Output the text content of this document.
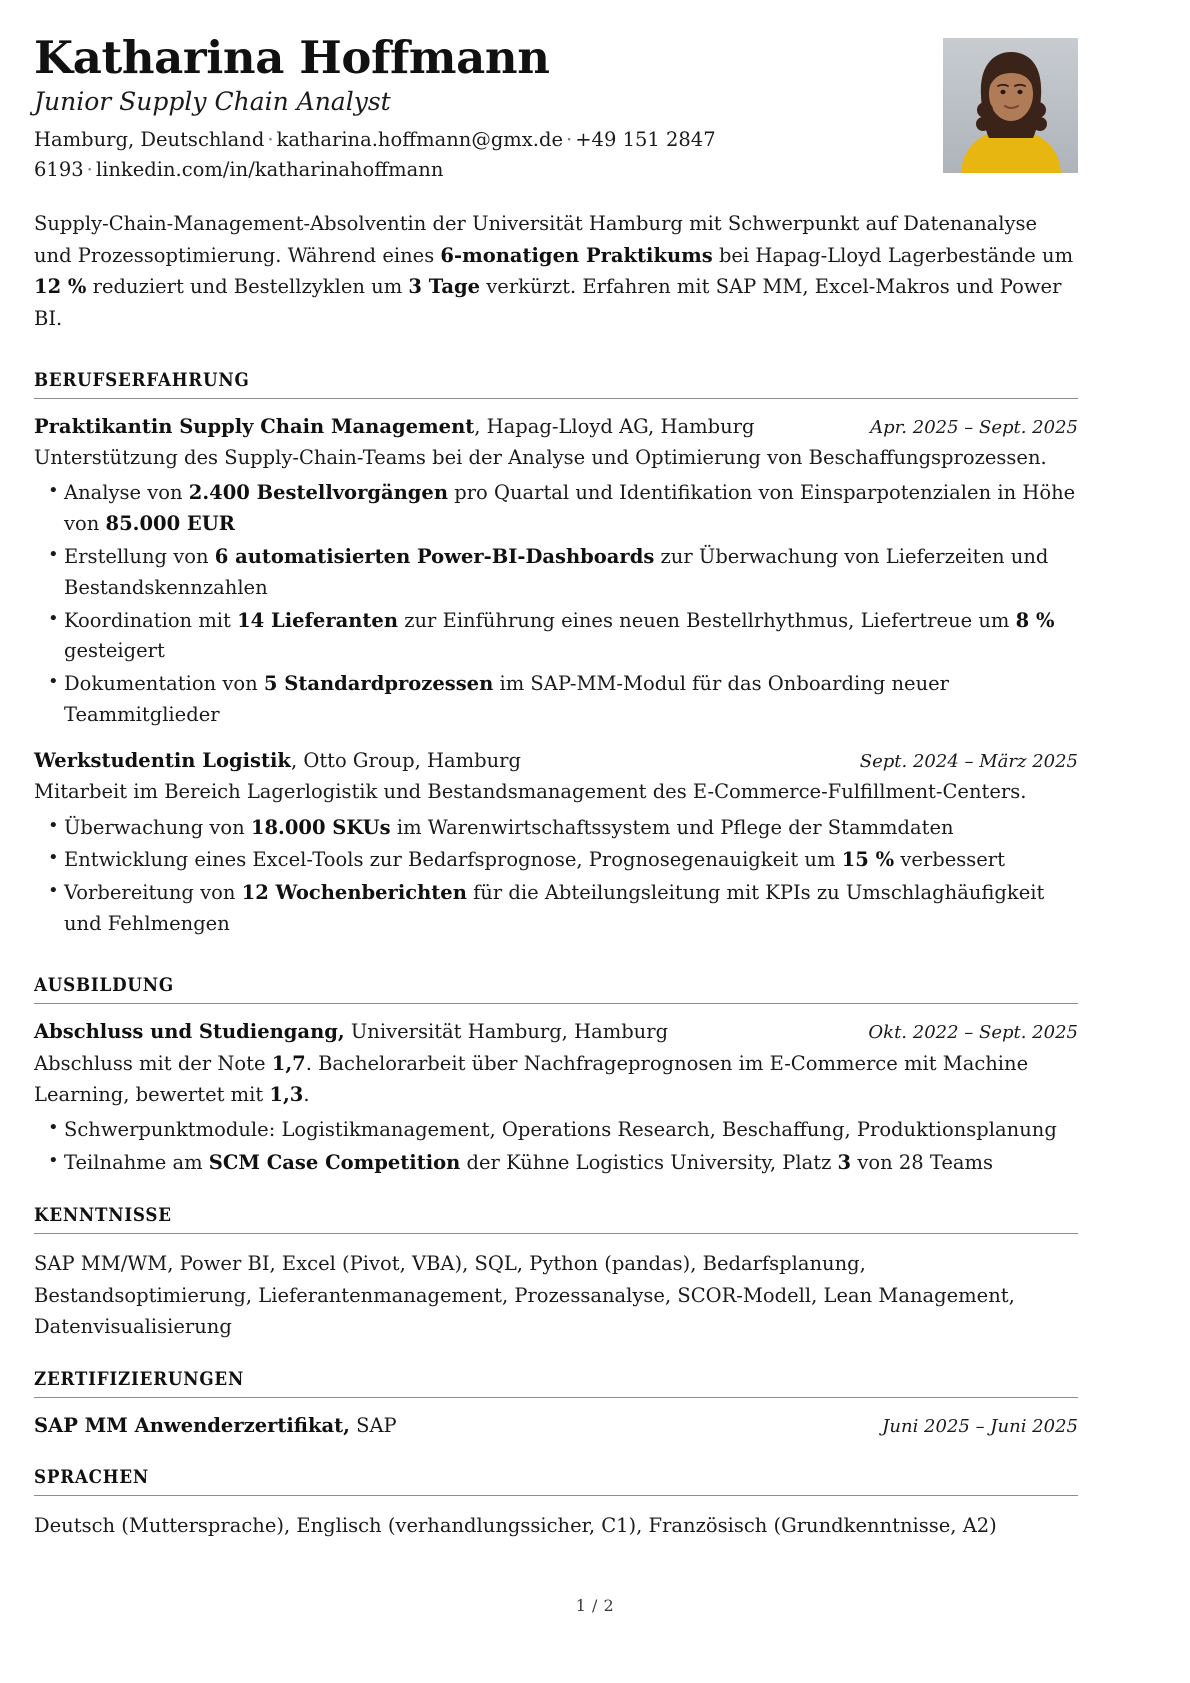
Katharina Hoffmann
Junior Supply Chain Analyst
Hamburg, Deutschland · katharina.hoffmann@gmx.de · +49 151 2847 6193 · linkedin.com/in/katharinahoffmann

Supply-Chain-Management-Absolventin der Universität Hamburg mit Schwerpunkt auf Datenanalyse und Prozessoptimierung. Während eines 6-monatigen Praktikums bei Hapag-Lloyd Lagerbestände um 12 % reduziert und Bestellzyklen um 3 Tage verkürzt. Erfahren mit SAP MM, Excel-Makros und Power BI.

BERUFSERFAHRUNG
Praktikantin Supply Chain Management, Hapag-Lloyd AG, Hamburg	Apr. 2025 – Sept. 2025
Unterstützung des Supply-Chain-Teams bei der Analyse und Optimierung von Beschaffungsprozessen.
• Analyse von 2.400 Bestellvorgängen pro Quartal und Identifikation von Einsparpotenzialen in Höhe von 85.000 EUR
• Erstellung von 6 automatisierten Power-BI-Dashboards zur Überwachung von Lieferzeiten und Bestandskennzahlen
• Koordination mit 14 Lieferanten zur Einführung eines neuen Bestellrhythmus, Liefertreue um 8 % gesteigert
• Dokumentation von 5 Standardprozessen im SAP-MM-Modul für das Onboarding neuer Teammitglieder
Werkstudentin Logistik, Otto Group, Hamburg	Sept. 2024 – März 2025
Mitarbeit im Bereich Lagerlogistik und Bestandsmanagement des E-Commerce-Fulfillment-Centers.
• Überwachung von 18.000 SKUs im Warenwirtschaftssystem und Pflege der Stammdaten
• Entwicklung eines Excel-Tools zur Bedarfsprognose, Prognosegenauigkeit um 15 % verbessert
• Vorbereitung von 12 Wochenberichten für die Abteilungsleitung mit KPIs zu Umschlaghäufigkeit und Fehlmengen
AUSBILDUNG
Abschluss und Studiengang, Universität Hamburg, Hamburg	Okt. 2022 – Sept. 2025
Abschluss mit der Note 1,7. Bachelorarbeit über Nachfrageprognosen im E-Commerce mit Machine Learning, bewertet mit 1,3.
• Schwerpunktmodule: Logistikmanagement, Operations Research, Beschaffung, Produktionsplanung
• Teilnahme am SCM Case Competition der Kühne Logistics University, Platz 3 von 28 Teams
KENNTNISSE
SAP MM/WM, Power BI, Excel (Pivot, VBA), SQL, Python (pandas), Bedarfsplanung, Bestandsoptimierung, Lieferantenmanagement, Prozessanalyse, SCOR-Modell, Lean Management, Datenvisualisierung
ZERTIFIZIERUNGEN
SAP MM Anwenderzertifikat, SAP	Juni 2025 – Juni 2025
SPRACHEN
Deutsch (Muttersprache), Englisch (verhandlungssicher, C1), Französisch (Grundkenntnisse, A2)
1 / 2
